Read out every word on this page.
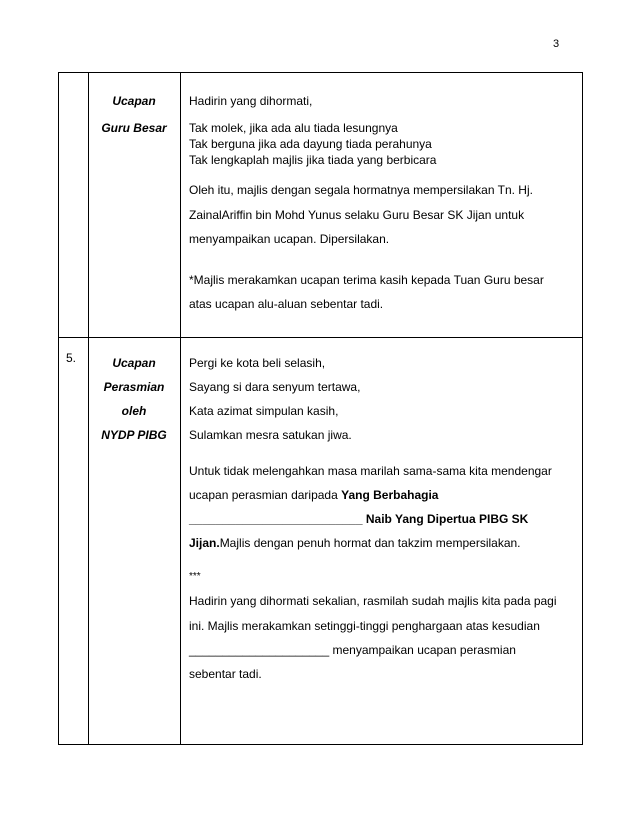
3
Ucapan
Guru Besar
Hadirin yang dihormati,
Tak molek, jika ada alu tiada lesungnya
Tak berguna jika ada dayung tiada perahunya
Tak lengkaplah majlis jika tiada yang berbicara
Oleh itu, majlis dengan segala hormatnya mempersilakan Tn. Hj.
ZainalAriffin bin Mohd Yunus selaku Guru Besar SK Jijan untuk
menyampaikan ucapan. Dipersilakan.
*Majlis merakamkan ucapan terima kasih kepada Tuan Guru besar
atas ucapan alu-aluan sebentar tadi.
5.	Ucapan
Perasmian
oleh
NYDP PIBG
Pergi ke kota beli selasih,
Sayang si dara senyum tertawa,
Kata azimat simpulan kasih,
Sulamkan mesra satukan jiwa.
Untuk tidak melengahkan masa marilah sama-sama kita mendengar
ucapan perasmian daripada Yang Berbahagia
__________________________ Naib Yang Dipertua PIBG SK
Jijan.Majlis dengan penuh hormat dan takzim mempersilakan.
***
Hadirin yang dihormati sekalian, rasmilah sudah majlis kita pada pagi
ini. Majlis merakamkan setinggi-tinggi penghargaan atas kesudian
_____________________ menyampaikan ucapan perasmian
sebentar tadi.
